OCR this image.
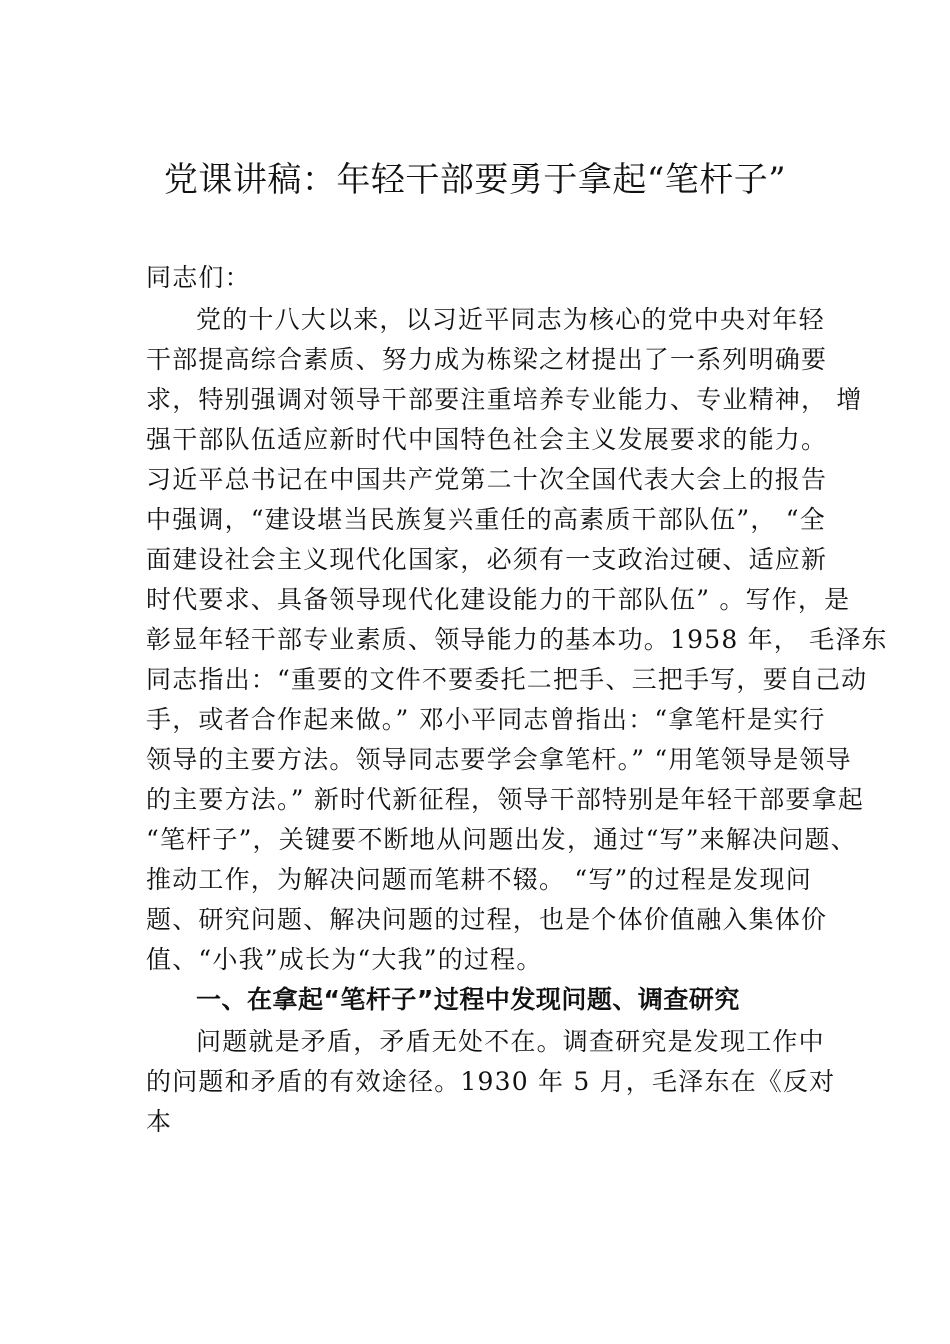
党课讲稿：年轻干部要勇于拿起“笔杆子”
同志们：
党的十八大以来，以习近平同志为核心的党中央对年轻
干部提高综合素质、努力成为栋梁之材提出了一系列明确要
求，特别强调对领导干部要注重培养专业能力、专业精神， 增
强干部队伍适应新时代中国特色社会主义发展要求的能力。
习近平总书记在中国共产党第二十次全国代表大会上的报告
中强调，“建设堪当民族复兴重任的高素质干部队伍”， “全
面建设社会主义现代化国家，必须有一支政治过硬、适应新
时代要求、具备领导现代化建设能力的干部队伍” 。写作，是
彰显年轻干部专业素质、领导能力的基本功。1958 年， 毛泽东
同志指出：“重要的文件不要委托二把手、三把手写，要自己动
手，或者合作起来做。” 邓小平同志曾指出：“拿笔杆是实行
领导的主要方法。领导同志要学会拿笔杆。” “用笔领导是领导
的主要方法。” 新时代新征程，领导干部特别是年轻干部要拿起
“笔杆子”，关键要不断地从问题出发，通过“写”来解决问题、
推动工作，为解决问题而笔耕不辍。 “写”的过程是发现问
题、研究问题、解决问题的过程，也是个体价值融入集体价
值、“小我”成长为“大我”的过程。
一、在拿起“笔杆子”过程中发现问题、调查研究
问题就是矛盾，矛盾无处不在。调查研究是发现工作中
的问题和矛盾的有效途径。1930 年 5 月，毛泽东在《反对
本
